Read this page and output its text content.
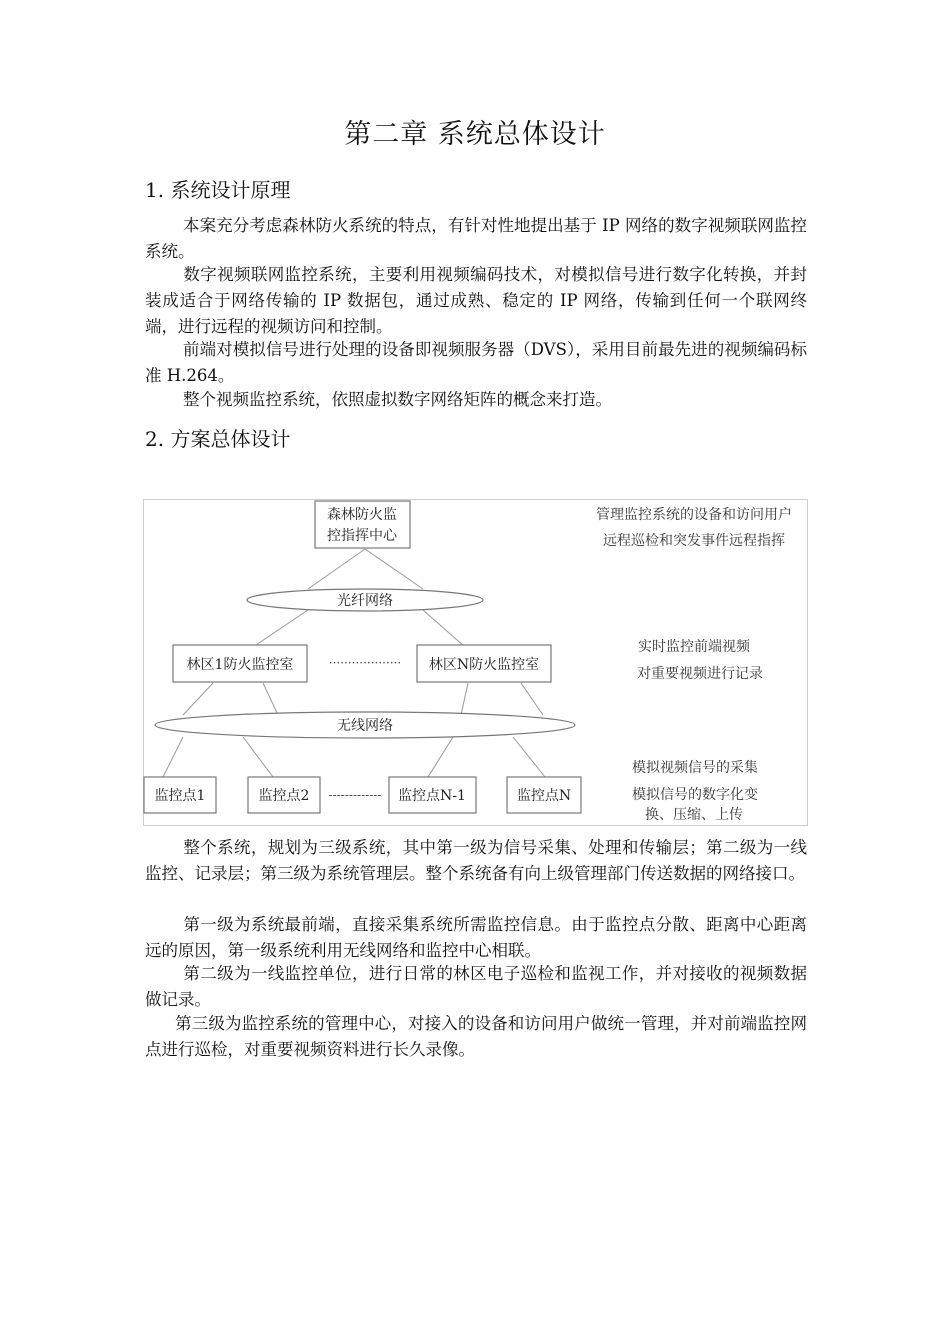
第二章 系统总体设计
1. 系统设计原理
本案充分考虑森林防火系统的特点，有针对性地提出基于 IP 网络的数字视频联网监控系统。
数字视频联网监控系统，主要利用视频编码技术，对模拟信号进行数字化转换，并封装成适合于网络传输的 IP 数据包，通过成熟、稳定的 IP 网络，传输到任何一个联网终端，进行远程的视频访问和控制。
前端对模拟信号进行处理的设备即视频服务器（DVS），采用目前最先进的视频编码标准 H.264。
整个视频监控系统，依照虚拟数字网络矩阵的概念来打造。
2. 方案总体设计
森林防火监
控指挥中心
光纤网络
林区1防火监控室	··················· 林区N防火监控室
无线网络
监控点1	监控点2 ------------- 监控点N-1	监控点N
管理监控系统的设备和访问用户
远程巡检和突发事件远程指挥
实时监控前端视频
对重要视频进行记录
模拟视频信号的采集
模拟信号的数字化变
换、压缩、上传
整个系统，规划为三级系统，其中第一级为信号采集、处理和传输层；第二级为一线监控、记录层；第三级为系统管理层。整个系统备有向上级管理部门传送数据的网络接口。
第一级为系统最前端，直接采集系统所需监控信息。由于监控点分散、距离中心距离远的原因，第一级系统利用无线网络和监控中心相联。
第二级为一线监控单位，进行日常的林区电子巡检和监视工作，并对接收的视频数据做记录。
第三级为监控系统的管理中心，对接入的设备和访问用户做统一管理，并对前端监控网点进行巡检，对重要视频资料进行长久录像。
